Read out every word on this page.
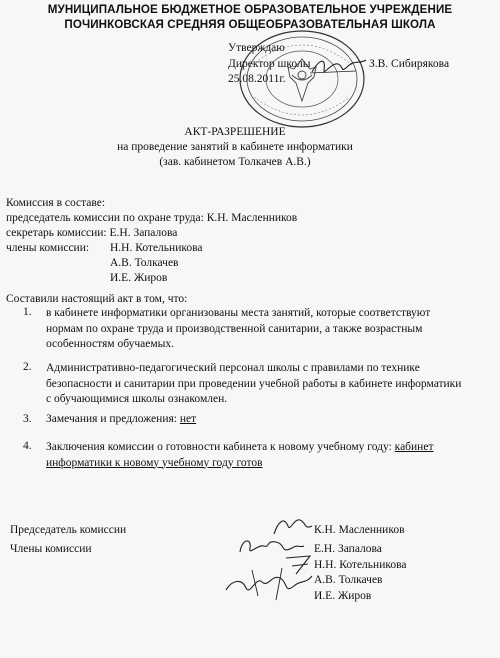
МУНИЦИПАЛЬНОЕ БЮДЖЕТНОЕ ОБРАЗОВАТЕЛЬНОЕ УЧРЕЖДЕНИЕ
ПОЧИНКОВСКАЯ СРЕДНЯЯ ОБЩЕОБРАЗОВАТЕЛЬНАЯ ШКОЛА
Утверждаю
Директор школы	З.В. Сибирякова
25.08.2011г.
АКТ-РАЗРЕШЕНИЕ
на проведение занятий в кабинете информатики
(зав. кабинетом Толкачев А.В.)
Комиссия в составе:
председатель комиссии по охране труда: К.Н. Масленников
секретарь комиссии: Е.Н. Запалова
члены комиссии: Н.Н. Котельникова
А.В. Толкачев
И.Е. Жиров
Составили настоящий акт в том, что:
1. в кабинете информатики организованы места занятий, которые соответствуют
нормам по охране труда и производственной санитарии, а также возрастным
особенностям обучаемых.
2. Административно-педагогический персонал школы с правилами по технике
безопасности и санитарии при проведении учебной работы в кабинете информатики
с обучающимися школы ознакомлен.
3. Замечания и предложения: нет
4. Заключения комиссии о готовности кабинета к новому учебному году: кабинет
информатики к новому учебному году готов
Председатель комиссии	К.Н. Масленников
Члены комиссии	Е.Н. Запалова
Н.Н. Котельникова
А.В. Толкачев
И.Е. Жиров
